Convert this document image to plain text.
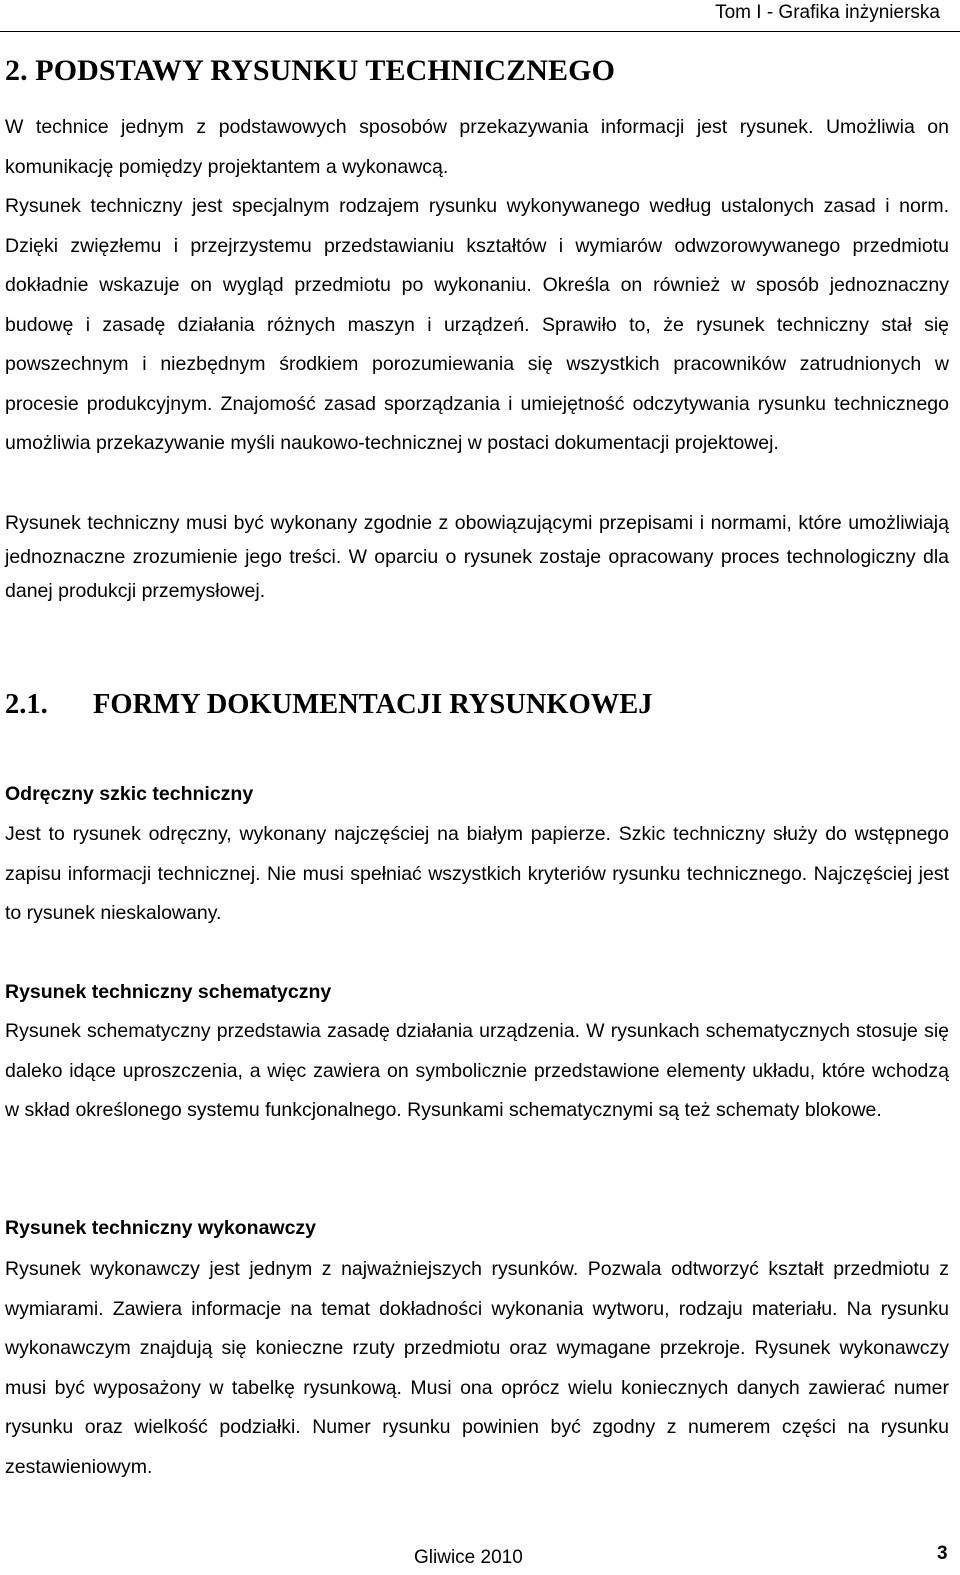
Tom I - Grafika inżynierska
2. PODSTAWY RYSUNKU TECHNICZNEGO

W technice jednym z podstawowych sposobów przekazywania informacji jest rysunek. Umożliwia on komunikację pomiędzy projektantem a wykonawcą.

Rysunek techniczny jest specjalnym rodzajem rysunku wykonywanego według ustalonych zasad i norm. Dzięki zwięzłemu i przejrzystemu przedstawianiu kształtów i wymiarów odwzorowywanego przedmiotu dokładnie wskazuje on wygląd przedmiotu po wykonaniu. Określa on również w sposób jednoznaczny budowę i zasadę działania różnych maszyn i urządzeń. Sprawiło to, że rysunek techniczny stał się powszechnym i niezbędnym środkiem porozumiewania się wszystkich pracowników zatrudnionych w procesie produkcyjnym. Znajomość zasad sporządzania i umiejętność odczytywania rysunku technicznego umożliwia przekazywanie myśli naukowo-technicznej w postaci dokumentacji projektowej.

Rysunek techniczny musi być wykonany zgodnie z obowiązującymi przepisami i normami, które umożliwiają jednoznaczne zrozumienie jego treści. W oparciu o rysunek zostaje opracowany proces technologiczny dla danej produkcji przemysłowej.

2.1.	FORMY DOKUMENTACJI RYSUNKOWEJ
Odręczny szkic techniczny

Jest to rysunek odręczny, wykonany najczęściej na białym papierze. Szkic techniczny służy do wstępnego zapisu informacji technicznej. Nie musi spełniać wszystkich kryteriów rysunku technicznego. Najczęściej jest to rysunek nieskalowany.

Rysunek techniczny schematyczny

Rysunek schematyczny przedstawia zasadę działania urządzenia. W rysunkach schematycznych stosuje się daleko idące uproszczenia, a więc zawiera on symbolicznie przedstawione elementy układu, które wchodzą w skład określonego systemu funkcjonalnego. Rysunkami schematycznymi są też schematy blokowe.

Rysunek techniczny wykonawczy

Rysunek wykonawczy jest jednym z najważniejszych rysunków. Pozwala odtworzyć kształt przedmiotu z wymiarami. Zawiera informacje na temat dokładności wykonania wytworu, rodzaju materiału. Na rysunku wykonawczym znajdują się konieczne rzuty przedmiotu oraz wymagane przekroje. Rysunek wykonawczy musi być wyposażony w tabelkę rysunkową. Musi ona oprócz wielu koniecznych danych zawierać numer rysunku oraz wielkość podziałki. Numer rysunku powinien być zgodny z numerem części na rysunku zestawieniowym.

Gliwice 2010	3
